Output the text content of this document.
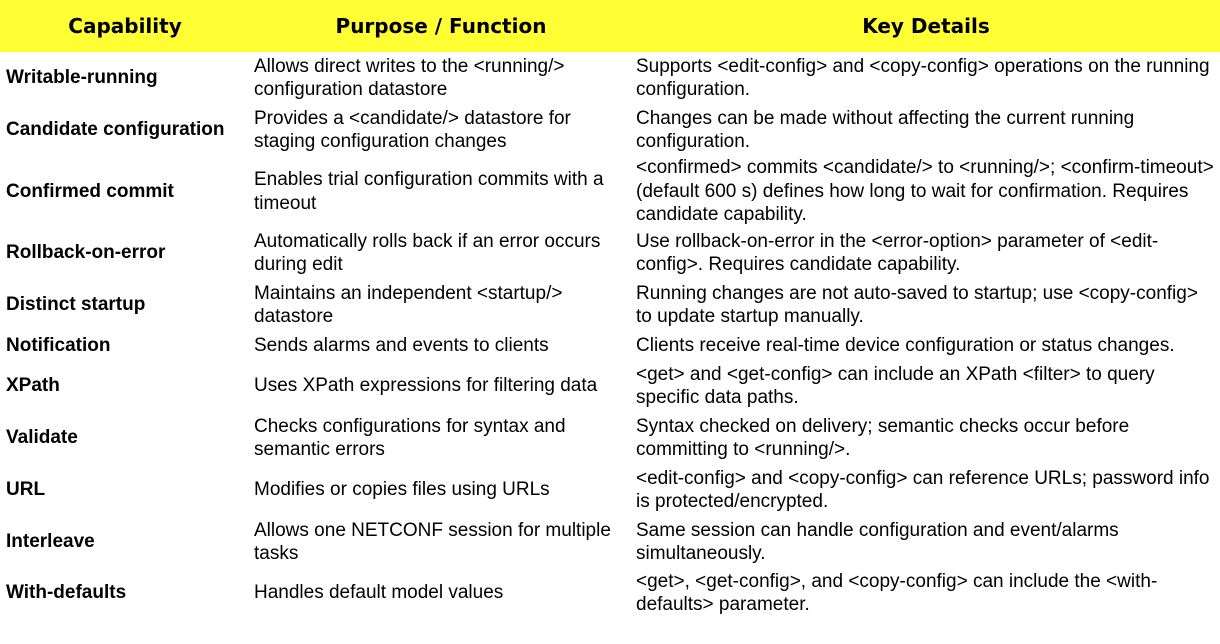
Capability	Purpose / Function	Key Details
Writable-running	Allows direct writes to the <running/> configuration datastore	Supports <edit-config> and <copy-config> operations on the running configuration.
Candidate configuration	Provides a <candidate/> datastore for staging configuration changes	Changes can be made without affecting the current running configuration.
Confirmed commit	Enables trial configuration commits with a timeout	<confirmed> commits <candidate/> to <running/>; <confirm-timeout> (default 600 s) defines how long to wait for confirmation. Requires candidate capability.
Rollback-on-error	Automatically rolls back if an error occurs during edit	Use rollback-on-error in the <error-option> parameter of <edit-config>. Requires candidate capability.
Distinct startup	Maintains an independent <startup/> datastore	Running changes are not auto-saved to startup; use <copy-config> to update startup manually.
Notification	Sends alarms and events to clients	Clients receive real-time device configuration or status changes.
XPath	Uses XPath expressions for filtering data	<get> and <get-config> can include an XPath <filter> to query specific data paths.
Validate	Checks configurations for syntax and semantic errors	Syntax checked on delivery; semantic checks occur before committing to <running/>.
URL	Modifies or copies files using URLs	<edit-config> and <copy-config> can reference URLs; password info is protected/encrypted.
Interleave	Allows one NETCONF session for multiple tasks	Same session can handle configuration and event/alarms simultaneously.
With-defaults	Handles default model values	<get>, <get-config>, and <copy-config> can include the <with-defaults> parameter.
